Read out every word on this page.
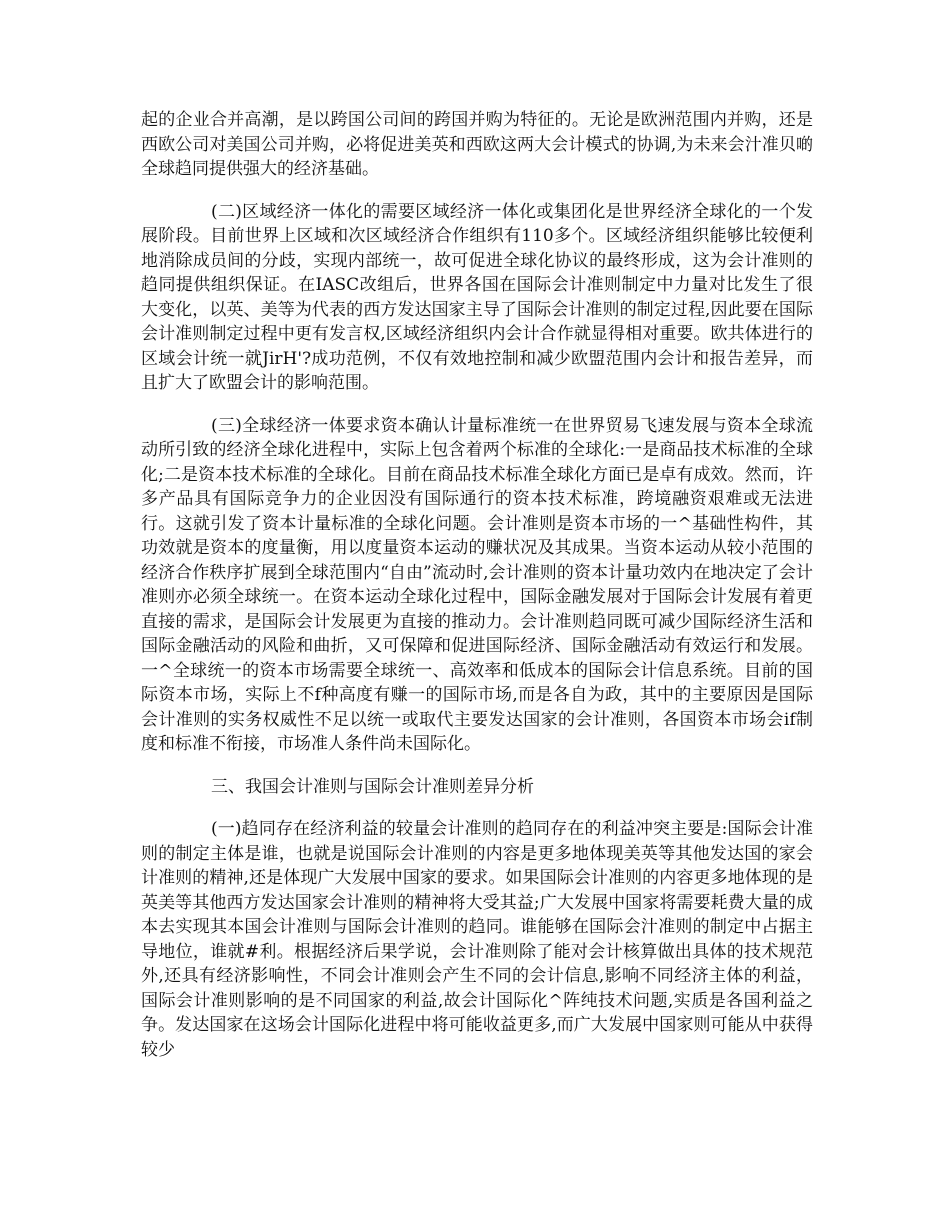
起的企业合并高潮，是以跨国公司间的跨国并购为特征的。无论是欧洲范围内并购，还是西欧公司对美国公司并购，必将促进美英和西欧这两大会计模式的协调,为未来会汁准贝啲全球趋同提供强大的经济基础。

(二)区域经济一体化的需要区域经济一体化或集团化是世界经济全球化的一个发展阶段。目前世界上区域和次区域经济合作组织有110多个。区域经济组织能够比较便利地消除成员间的分歧，实现内部统一，故可促进全球化协议的最终形成，这为会计准则的趋同提供组织保证。在IASC改组后，世界各国在国际会计准则制定中力量对比发生了很大变化，以英、美等为代表的西方发达国家主导了国际会计准则的制定过程,因此要在国际会计准则制定过程中更有发言权,区域经济组织内会计合作就显得相对重要。欧共体进行的区域会计统一就JirH'?成功范例，不仅有效地控制和减少欧盟范围内会计和报告差异，而且扩大了欧盟会计的影响范围。

(三)全球经济一体要求资本确认计量标准统一在世界贸易飞速发展与资本全球流动所引致的经济全球化进程中，实际上包含着两个标准的全球化:一是商品技术标准的全球化;二是资本技术标准的全球化。目前在商品技术标准全球化方面已是卓有成效。然而，许多产品具有国际竞争力的企业因没有国际通行的资本技术标准，跨境融资艰难或无法进行。这就引发了资本计量标准的全球化问题。会计准则是资本市场的一^基础性构件，其功效就是资本的度量衡，用以度量资本运动的赚状况及其成果。当资本运动从较小范围的经济合作秩序扩展到全球范围内“自由”流动时,会计准则的资本计量功效内在地决定了会计准则亦必须全球统一。在资本运动全球化过程中，国际金融发展对于国际会计发展有着更直接的需求，是国际会计发展更为直接的推动力。会计准则趋同既可减少国际经济生活和国际金融活动的风险和曲折，又可保障和促进国际经济、国际金融活动有效运行和发展。一^全球统一的资本市场需要全球统一、高效率和低成本的国际会计信息系统。目前的国际资本市场，实际上不f种高度有赚一的国际市场,而是各自为政，其中的主要原因是国际会计准则的实务权威性不足以统一或取代主要发达国家的会计准则，各国资本市场会if制度和标准不衔接，市场准人条件尚未国际化。

三、我国会计准则与国际会计准则差异分析

(一)趋同存在经济利益的较量会计准则的趋同存在的利益冲突主要是:国际会计准则的制定主体是谁，也就是说国际会计准则的内容是更多地体现美英等其他发达国的家会计准则的精神,还是体现广大发展中国家的要求。如果国际会计准则的内容更多地体现的是英美等其他西方发达国家会计准则的精神将大受其益;广大发展中国家将需要耗费大量的成本去实现其本国会计准则与国际会计准则的趋同。谁能够在国际会汁准则的制定中占据主导地位，谁就#利。根据经济后果学说，会计准则除了能对会计核算做出具体的技术规范外,还具有经济影响性，不同会计准则会产生不同的会计信息,影响不同经济主体的利益，国际会计准则影响的是不同国家的利益,故会计国际化^阵纯技术问题,实质是各国利益之争。发达国家在这场会计国际化进程中将可能收益更多,而广大发展中国家则可能从中获得较少
